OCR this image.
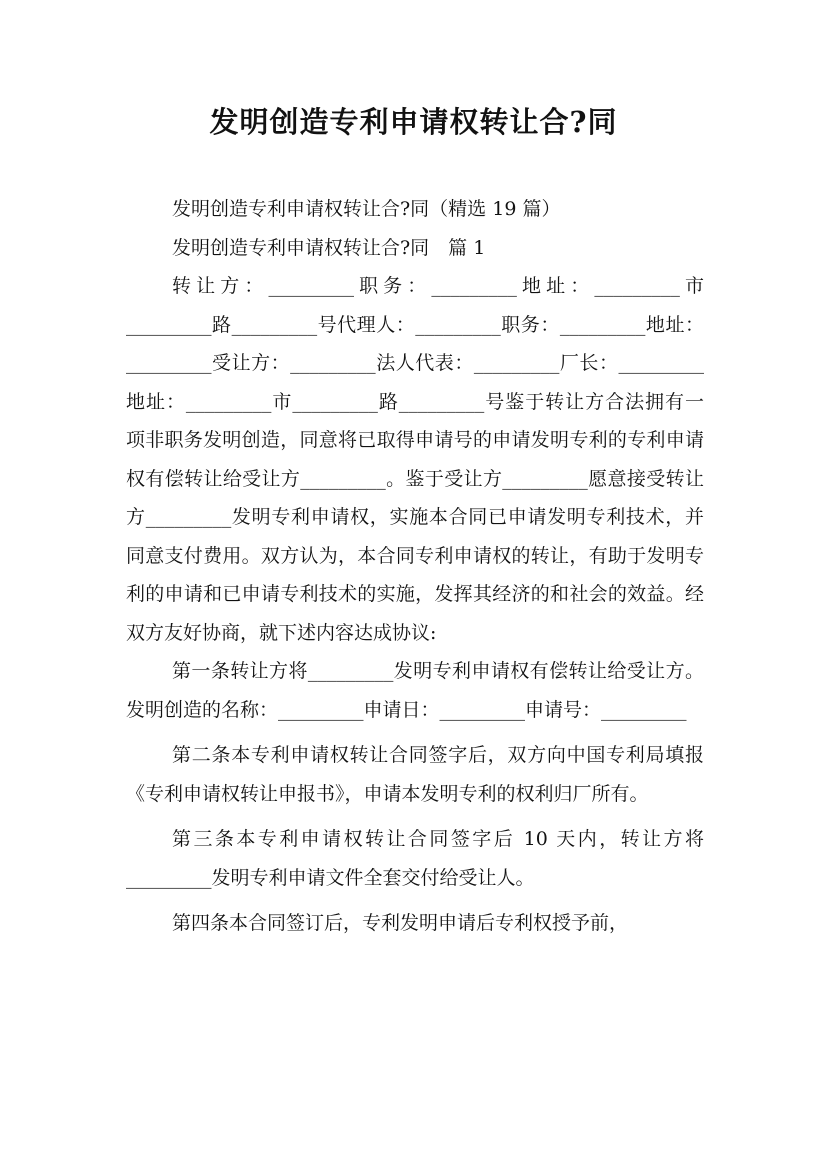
发明创造专利申请权转让合?同

发明创造专利申请权转让合?同（精选 19 篇）

发明创造专利申请权转让合?同　篇 1

转让方：_________职务：_________地址：_________市_________路_________号代理人：_________职务：_________地址：_________受让方：_________法人代表：_________厂长：_________地址：_________市_________路_________号鉴于转让方合法拥有一项非职务发明创造，同意将已取得申请号的申请发明专利的专利申请权有偿转让给受让方_________。鉴于受让方_________愿意接受转让方_________发明专利申请权，实施本合同已申请发明专利技术，并同意支付费用。双方认为，本合同专利申请权的转让，有助于发明专利的申请和已申请专利技术的实施，发挥其经济的和社会的效益。经双方友好协商，就下述内容达成协议:

第一条转让方将_________发明专利申请权有偿转让给受让方。发明创造的名称：_________申请日：_________申请号：_________

第二条本专利申请权转让合同签字后，双方向中国专利局填报《专利申请权转让申报书》，申请本发明专利的权利归厂所有。

第三条本专利申请权转让合同签字后 10 天内，转让方将_________发明专利申请文件全套交付给受让人。

第四条本合同签订后，专利发明申请后专利权授予前，
